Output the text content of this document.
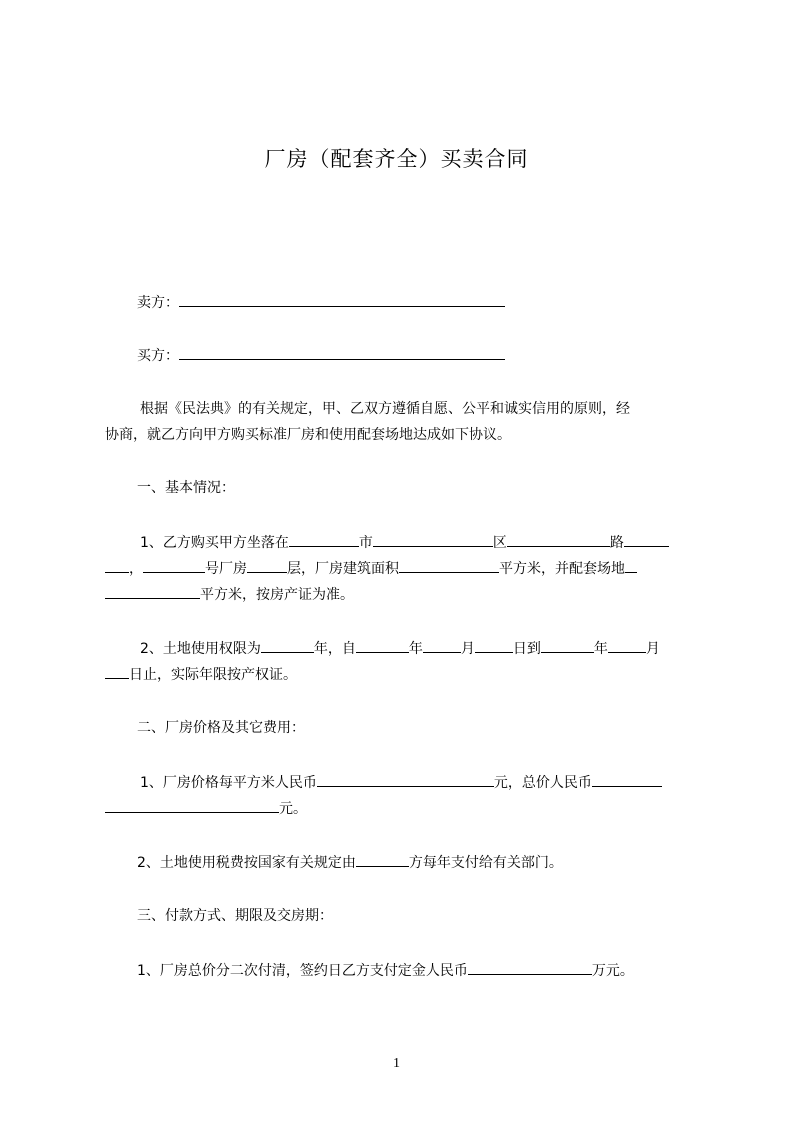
厂房（配套齐全）买卖合同
卖方：
买方：
根据《民法典》的有关规定，甲、乙双方遵循自愿、公平和诚实信用的原则，经
协商，就乙方向甲方购买标准厂房和使用配套场地达成如下协议。
一、基本情况：
1、乙方购买甲方坐落在	市	区	路
，	号厂房	层，厂房建筑面积	平方米，并配套场地
平方米，按房产证为准。
2、土地使用权限为	年，自	年	月	日到	年	月
日止，实际年限按产权证。
二、厂房价格及其它费用：
1、厂房价格每平方米人民币	元，总价人民币
元。
2、土地使用税费按国家有关规定由	方每年支付给有关部门。
三、付款方式、期限及交房期：
1、厂房总价分二次付清，签约日乙方支付定金人民币	万元。
1
